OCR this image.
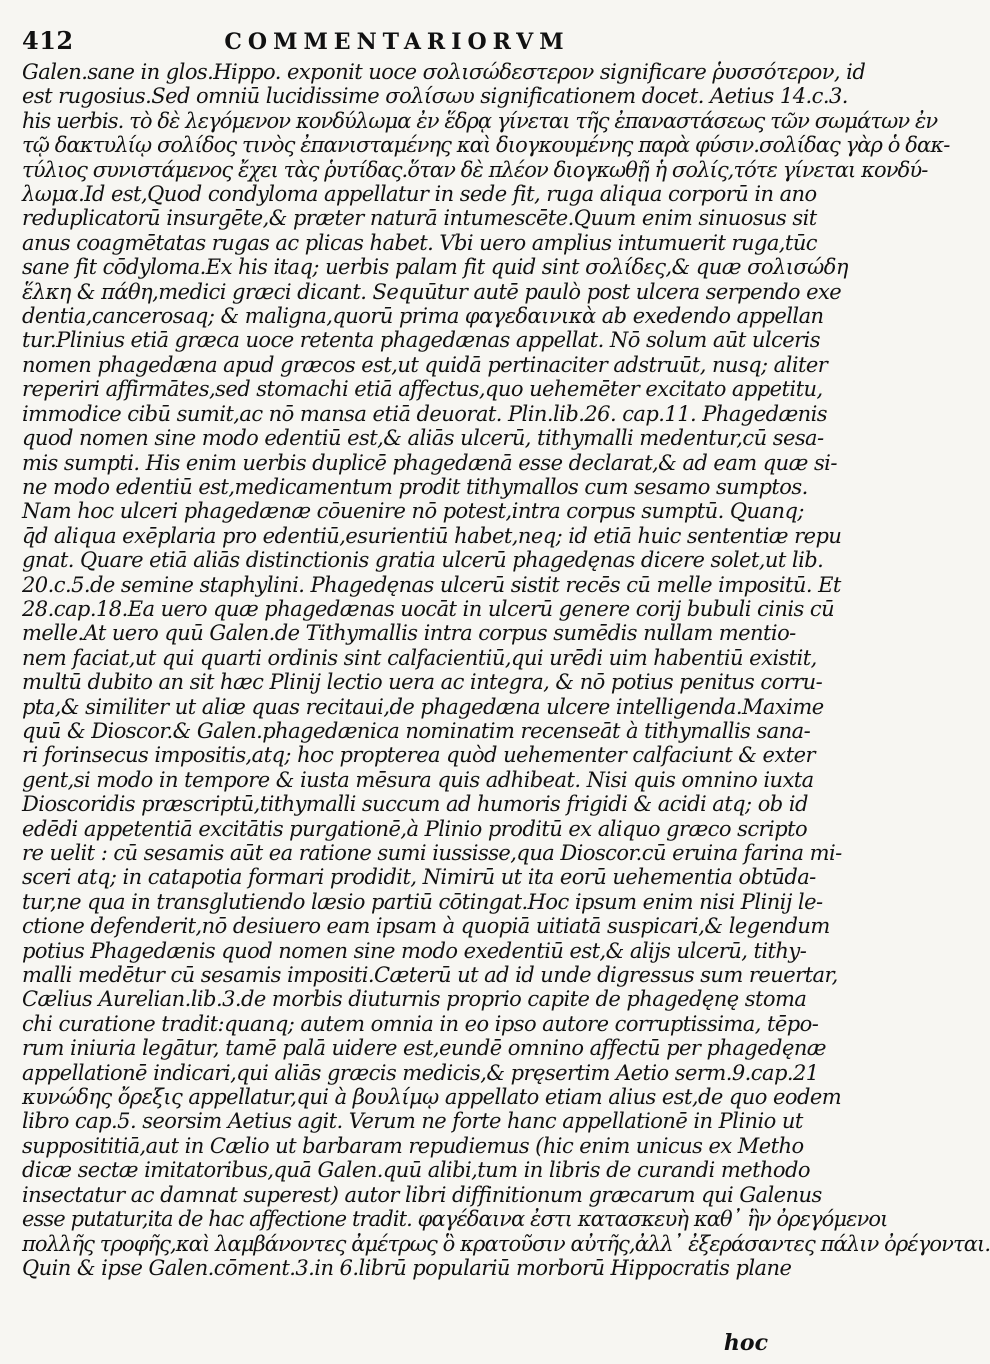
412	COMMENTARIORVM
Galen.sane in glos.Hippo. exponit uoce σολισώδεστερον significare ῥυσσότερον, id
est rugosius.Sed omniū lucidissime σολίσωυ significationem docet. Aetius 14.c.3.
his uerbis. τὸ δὲ λεγόμενον κονδύλωμα ἐν ἕδρᾳ γίνεται τῆς ἐπαναστάσεως τῶν σωμάτων ἐν
τῷ δακτυλίῳ σολίδος τινὸς ἐπανισταμένης καὶ διογκουμένης παρὰ φύσιν.σολίδας γὰρ ὁ δακ-
τύλιος συνιστάμενος ἔχει τὰς ῥυτίδας.ὅταν δὲ πλέον διογκωθῇ ἡ σολίς,τότε γίνεται κονδύ-
λωμα.Id est,Quod condyloma appellatur in sede fit, ruga aliqua corporū in ano
reduplicatorū insurgēte,& præter naturā intumescēte.Quum enim sinuosus sit
anus coagmētatas rugas ac plicas habet. Vbi uero amplius intumuerit ruga,tūc
sane fit cōdyloma.Ex his itaq; uerbis palam fit quid sint σολίδες,& quæ σολισώδη
ἕλκη & πάθη,medici græci dicant. Sequūtur autē paulò post ulcera serpendo exe
dentia,cancerosaq; & maligna,quorū prima φαγεδαινικὰ ab exedendo appellan
tur.Plinius etiā græca uoce retenta phagedænas appellat. Nō solum aūt ulceris
nomen phagedæna apud græcos est,ut quidā pertinaciter adstruūt, nusq; aliter
reperiri affirmātes,sed stomachi etiā affectus,quo uehemēter excitato appetitu,
immodice cibū sumit,ac nō mansa etiā deuorat. Plin.lib.26. cap.11. Phagedænis
quod nomen sine modo edentiū est,& aliās ulcerū, tithymalli medentur,cū sesa-
mis sumpti. His enim uerbis duplicē phagedænā esse declarat,& ad eam quæ si-
ne modo edentiū est,medicamentum prodit tithymallos cum sesamo sumptos.
Nam hoc ulceri phagedænæ cōuenire nō potest,intra corpus sumptū. Quanq;
q̄d aliqua exēplaria pro edentiū,esurientiū habet,neq; id etiā huic sententiæ repu
gnat. Quare etiā aliās distinctionis gratia ulcerū phagedęnas dicere solet,ut lib.
20.c.5.de semine staphylini. Phagedęnas ulcerū sistit recēs cū melle impositū. Et
28.cap.18.Ea uero quæ phagedænas uocāt in ulcerū genere corij bubuli cinis cū
melle.At uero quū Galen.de Tithymallis intra corpus sumēdis nullam mentio-
nem faciat,ut qui quarti ordinis sint calfacientiū,qui urēdi uim habentiū existit,
multū dubito an sit hæc Plinij lectio uera ac integra, & nō potius penitus corru-
pta,& similiter ut aliæ quas recitaui,de phagedæna ulcere intelligenda.Maxime
quū & Dioscor.& Galen.phagedænica nominatim recenseāt à tithymallis sana-
ri forinsecus impositis,atq; hoc propterea quòd uehementer calfaciunt & exter
gent,si modo in tempore & iusta mēsura quis adhibeat. Nisi quis omnino iuxta
Dioscoridis præscriptū,tithymalli succum ad humoris frigidi & acidi atq; ob id
edēdi appetentiā excitātis purgationē,à Plinio proditū ex aliquo græco scripto
re uelit : cū sesamis aūt ea ratione sumi iussisse,qua Dioscor.cū eruina farina mi-
sceri atq; in catapotia formari prodidit, Nimirū ut ita eorū uehementia obtūda-
tur,ne qua in transglutiendo læsio partiū cōtingat.Hoc ipsum enim nisi Plinij le-
ctione defenderit,nō desiuero eam ipsam à quopiā uitiatā suspicari,& legendum
potius Phagedænis quod nomen sine modo exedentiū est,& alijs ulcerū, tithy-
malli medētur cū sesamis impositi.Cæterū ut ad id unde digressus sum reuertar,
Cælius Aurelian.lib.3.de morbis diuturnis proprio capite de phagedęnę stoma
chi curatione tradit:quanq; autem omnia in eo ipso autore corruptissima, tēpo-
rum iniuria legātur, tamē palā uidere est,eundē omnino affectū per phagedęnæ
appellationē indicari,qui aliās græcis medicis,& pręsertim Aetio serm.9.cap.21
κυνώδης ὄρεξις appellatur,qui à βουλίμῳ appellato etiam alius est,de quo eodem
libro cap.5. seorsim Aetius agit. Verum ne forte hanc appellationē in Plinio ut
supposititiā,aut in Cælio ut barbaram repudiemus (hic enim unicus ex Metho
dicæ sectæ imitatoribus,quā Galen.quū alibi,tum in libris de curandi methodo
insectatur ac damnat superest) autor libri diffinitionum græcarum qui Galenus
esse putatur,ita de hac affectione tradit. φαγέδαινα ἐστι κατασκευὴ καθ᾽ ἣν ὀρεγόμενοι
πολλῆς τροφῆς,καὶ λαμβάνοντες ἀμέτρως ὃ κρατοῦσιν αὐτῆς,ἀλλ᾽ ἐξεράσαντες πάλιν ὀρέγονται.
Quin & ipse Galen.cōment.3.in 6.librū populariū morborū Hippocratis plane
hoc
